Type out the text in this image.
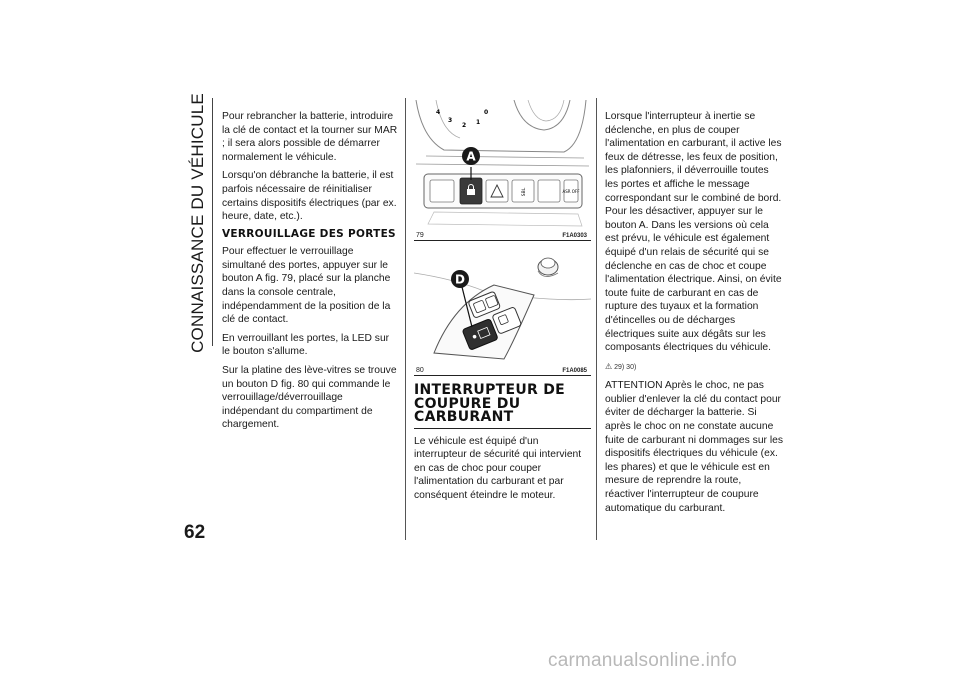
CONNAISSANCE DU VÉHICULE
62

Pour rebrancher la batterie, introduire la clé de contact et la tourner sur MAR ; il sera alors possible de démarrer normalement le véhicule.

Lorsqu'on débranche la batterie, il est parfois nécessaire de réinitialiser certains dispositifs électriques (par ex. heure, date, etc.).

VERROUILLAGE DES PORTES

Pour effectuer le verrouillage simultané des portes, appuyer sur le bouton A fig. 79, placé sur la planche dans la console centrale, indépendamment de la position de la clé de contact.

En verrouillant les portes, la LED sur le bouton s'allume.

Sur la platine des lève-vitres se trouve un bouton D fig. 80 qui commande le verrouillage/déverrouillage indépendant du compartiment de chargement.

4
3
2 1
0
SBL	ASR OFF
A
79	F1A0303
D
80	F1A0085
INTERRUPTEUR DE COUPURE DU CARBURANT

Le véhicule est équipé d'un interrupteur de sécurité qui intervient en cas de choc pour couper l'alimentation du carburant et par conséquent éteindre le moteur.

Lorsque l'interrupteur à inertie se déclenche, en plus de couper l'alimentation en carburant, il active les feux de détresse, les feux de position, les plafonniers, il déverrouille toutes les portes et affiche le message correspondant sur le combiné de bord. Pour les désactiver, appuyer sur le bouton A. Dans les versions où cela est prévu, le véhicule est également équipé d'un relais de sécurité qui se déclenche en cas de choc et coupe l'alimentation électrique. Ainsi, on évite toute fuite de carburant en cas de rupture des tuyaux et la formation d'étincelles ou de décharges électriques suite aux dégâts sur les composants électriques du véhicule.

⚠ 29) 30)

ATTENTION Après le choc, ne pas oublier d'enlever la clé du contact pour éviter de décharger la batterie. Si après le choc on ne constate aucune fuite de carburant ni dommages sur les dispositifs électriques du véhicule (ex. les phares) et que le véhicule est en mesure de reprendre la route, réactiver l'interrupteur de coupure automatique du carburant.

carmanualsonline.info
